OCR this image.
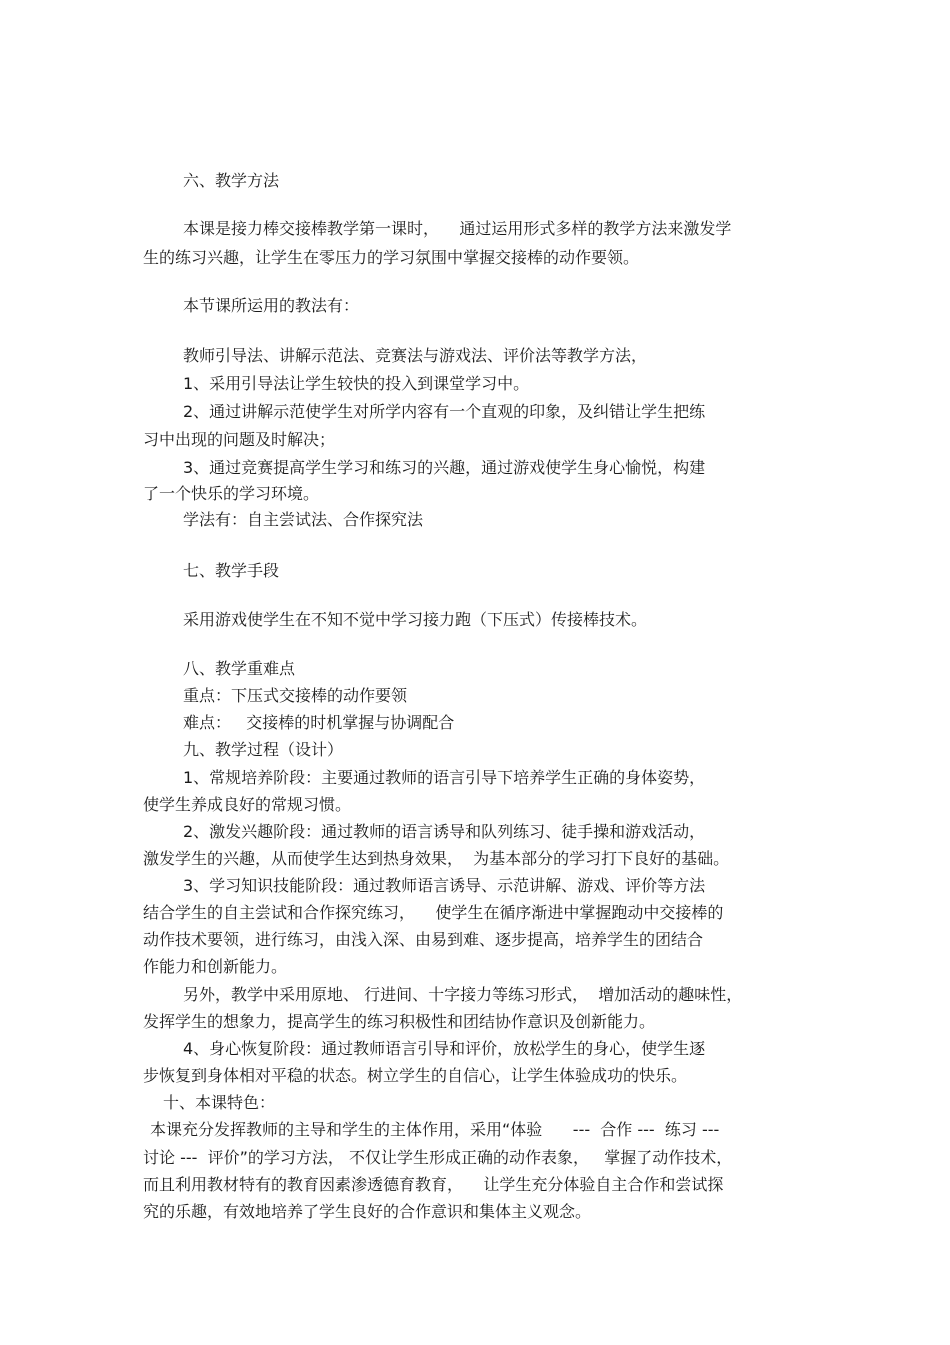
六、教学方法
本课是接力棒交接棒教学第一课时，    通过运用形式多样的教学方法来激发学
生的练习兴趣，让学生在零压力的学习氛围中掌握交接棒的动作要领。
本节课所运用的教法有：
教师引导法、讲解示范法、竞赛法与游戏法、评价法等教学方法，
1、采用引导法让学生较快的投入到课堂学习中。
2、通过讲解示范使学生对所学内容有一个直观的印象，及纠错让学生把练
习中出现的问题及时解决；
3、通过竞赛提高学生学习和练习的兴趣，通过游戏使学生身心愉悦，构建
了一个快乐的学习环境。
学法有：自主尝试法、合作探究法
七、教学手段
采用游戏使学生在不知不觉中学习接力跑（下压式）传接棒技术。
八、教学重难点
重点：下压式交接棒的动作要领
难点：   交接棒的时机掌握与协调配合
九、教学过程（设计）
1、常规培养阶段：主要通过教师的语言引导下培养学生正确的身体姿势，
使学生养成良好的常规习惯。
2、激发兴趣阶段：通过教师的语言诱导和队列练习、徒手操和游戏活动，
激发学生的兴趣，从而使学生达到热身效果，  为基本部分的学习打下良好的基础。
3、学习知识技能阶段：通过教师语言诱导、示范讲解、游戏、评价等方法
结合学生的自主尝试和合作探究练习，    使学生在循序渐进中掌握跑动中交接棒的
动作技术要领，进行练习，由浅入深、由易到难、逐步提高，培养学生的团结合
作能力和创新能力。
另外，教学中采用原地、 行进间、十字接力等练习形式，  增加活动的趣味性，
发挥学生的想象力，提高学生的练习积极性和团结协作意识及创新能力。
4、身心恢复阶段：通过教师语言引导和评价，放松学生的身心，使学生逐
步恢复到身体相对平稳的状态。树立学生的自信心，让学生体验成功的快乐。
十、本课特色：
本课充分发挥教师的主导和学生的主体作用，采用“体验      ---  合作 ---  练习 ---
讨论 ---  评价”的学习方法， 不仅让学生形成正确的动作表象，   掌握了动作技术，
而且利用教材特有的教育因素渗透德育教育，    让学生充分体验自主合作和尝试探
究的乐趣，有效地培养了学生良好的合作意识和集体主义观念。
